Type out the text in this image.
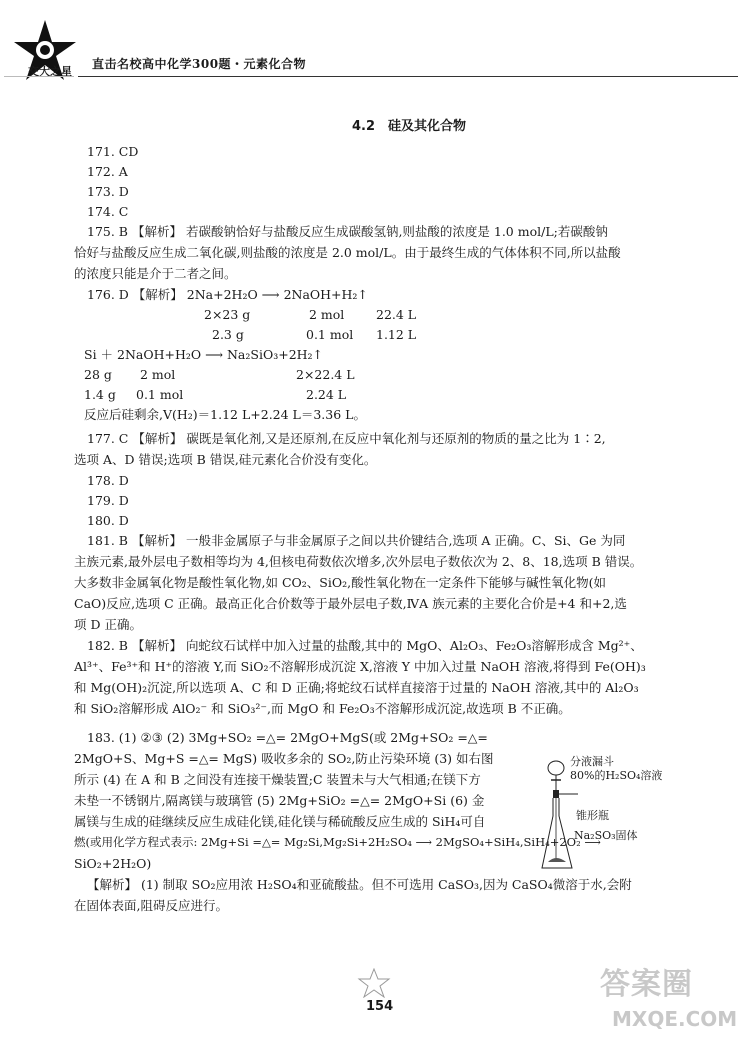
交大之星
直击名校高中化学300题・元素化合物
4.2　硅及其化合物
171. CD
172. A
173. D
174. C
175. B 【解析】 若碳酸钠恰好与盐酸反应生成碳酸氢钠,则盐酸的浓度是 1.0 mol/L;若碳酸钠
恰好与盐酸反应生成二氧化碳,则盐酸的浓度是 2.0 mol/L。由于最终生成的气体体积不同,所以盐酸
的浓度只能是介于二者之间。
176. D 【解析】 2Na+2H₂O ⟶ 2NaOH+H₂↑
2×23 g	2 mol	22.4 L
2.3 g	0.1 mol 1.12 L
Si ＋ 2NaOH+H₂O ⟶ Na₂SiO₃+2H₂↑
28 g 2 mol	2×22.4 L
1.4 g 0.1 mol	2.24 L
反应后硅剩余,V(H₂)＝1.12 L+2.24 L＝3.36 L。
177. C 【解析】 碳既是氧化剂,又是还原剂,在反应中氧化剂与还原剂的物质的量之比为 1∶2,
选项 A、D 错误;选项 B 错误,硅元素化合价没有变化。
178. D
179. D
180. D
181. B 【解析】 一般非金属原子与非金属原子之间以共价键结合,选项 A 正确。C、Si、Ge 为同
主族元素,最外层电子数相等均为 4,但核电荷数依次增多,次外层电子数依次为 2、8、18,选项 B 错误。
大多数非金属氧化物是酸性氧化物,如 CO₂、SiO₂,酸性氧化物在一定条件下能够与碱性氧化物(如
CaO)反应,选项 C 正确。最高正化合价数等于最外层电子数,ⅣA 族元素的主要化合价是+4 和+2,选
项 D 正确。
182. B 【解析】 向蛇纹石试样中加入过量的盐酸,其中的 MgO、Al₂O₃、Fe₂O₃溶解形成含 Mg²⁺、
Al³⁺、Fe³⁺和 H⁺的溶液 Y,而 SiO₂不溶解形成沉淀 X,溶液 Y 中加入过量 NaOH 溶液,将得到 Fe(OH)₃
和 Mg(OH)₂沉淀,所以选项 A、C 和 D 正确;将蛇纹石试样直接溶于过量的 NaOH 溶液,其中的 Al₂O₃
和 SiO₂溶解形成 AlO₂⁻ 和 SiO₃²⁻,而 MgO 和 Fe₂O₃不溶解形成沉淀,故选项 B 不正确。
183. (1) ②③ (2) 3Mg+SO₂ =△= 2MgO+MgS(或 2Mg+SO₂ =△=
2MgO+S、Mg+S =△= MgS) 吸收多余的 SO₂,防止污染环境 (3) 如右图
所示 (4) 在 A 和 B 之间没有连接干燥装置;C 装置未与大气相通;在镁下方
未垫一不锈钢片,隔离镁与玻璃管 (5) 2Mg+SiO₂ =△= 2MgO+Si (6) 金
属镁与生成的硅继续反应生成硅化镁,硅化镁与稀硫酸反应生成的 SiH₄可自
燃(或用化学方程式表示: 2Mg+Si =△= Mg₂Si,Mg₂Si+2H₂SO₄ ⟶ 2MgSO₄+SiH₄,SiH₄+2O₂ ⟶
SiO₂+2H₂O)
【解析】 (1) 制取 SO₂应用浓 H₂SO₄和亚硫酸盐。但不可选用 CaSO₃,因为 CaSO₄微溶于水,会附
在固体表面,阻碍反应进行。
分液漏斗
80%的H₂SO₄溶液
锥形瓶
Na₂SO₃固体
154
答案圈
MXQE.COM
